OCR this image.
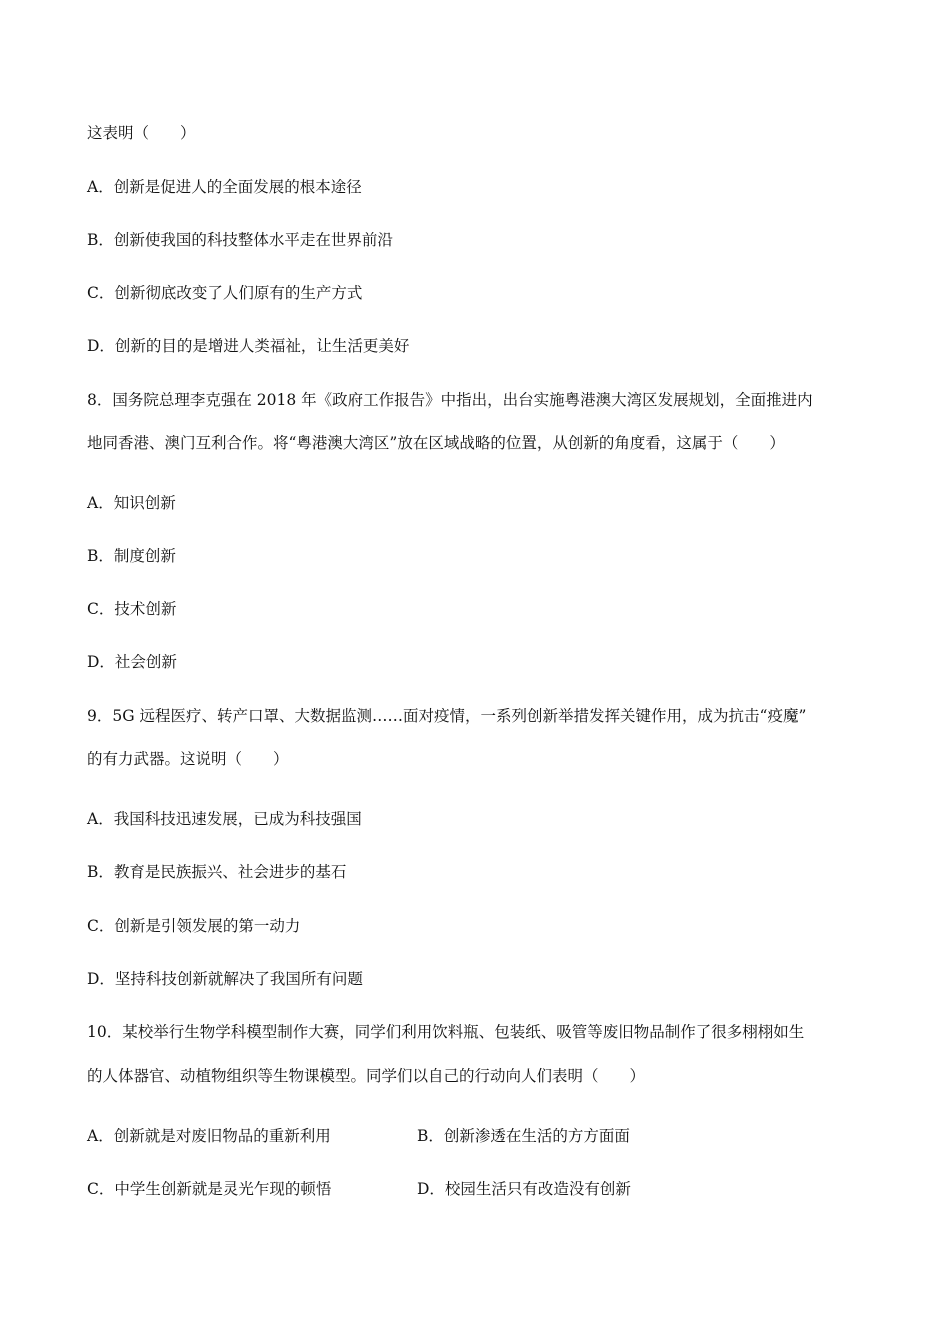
这表明（　　）
A．创新是促进人的全面发展的根本途径
B．创新使我国的科技整体水平走在世界前沿
C．创新彻底改变了人们原有的生产方式
D．创新的目的是增进人类福祉，让生活更美好
8．国务院总理李克强在 2018 年《政府工作报告》中指出，出台实施粤港澳大湾区发展规划，全面推进内
地同香港、澳门互利合作。将“粤港澳大湾区”放在区域战略的位置，从创新的角度看，这属于（　　）
A．知识创新
B．制度创新
C．技术创新
D．社会创新
9．5G 远程医疗、转产口罩、大数据监测……面对疫情，一系列创新举措发挥关键作用，成为抗击“疫魔”
的有力武器。这说明（　　）
A．我国科技迅速发展，已成为科技强国
B．教育是民族振兴、社会进步的基石
C．创新是引领发展的第一动力
D．坚持科技创新就解决了我国所有问题
10．某校举行生物学科模型制作大赛，同学们利用饮料瓶、包装纸、吸管等废旧物品制作了很多栩栩如生
的人体器官、动植物组织等生物课模型。同学们以自己的行动向人们表明（　　）
A．创新就是对废旧物品的重新利用	B．创新渗透在生活的方方面面
C．中学生创新就是灵光乍现的顿悟	D．校园生活只有改造没有创新
